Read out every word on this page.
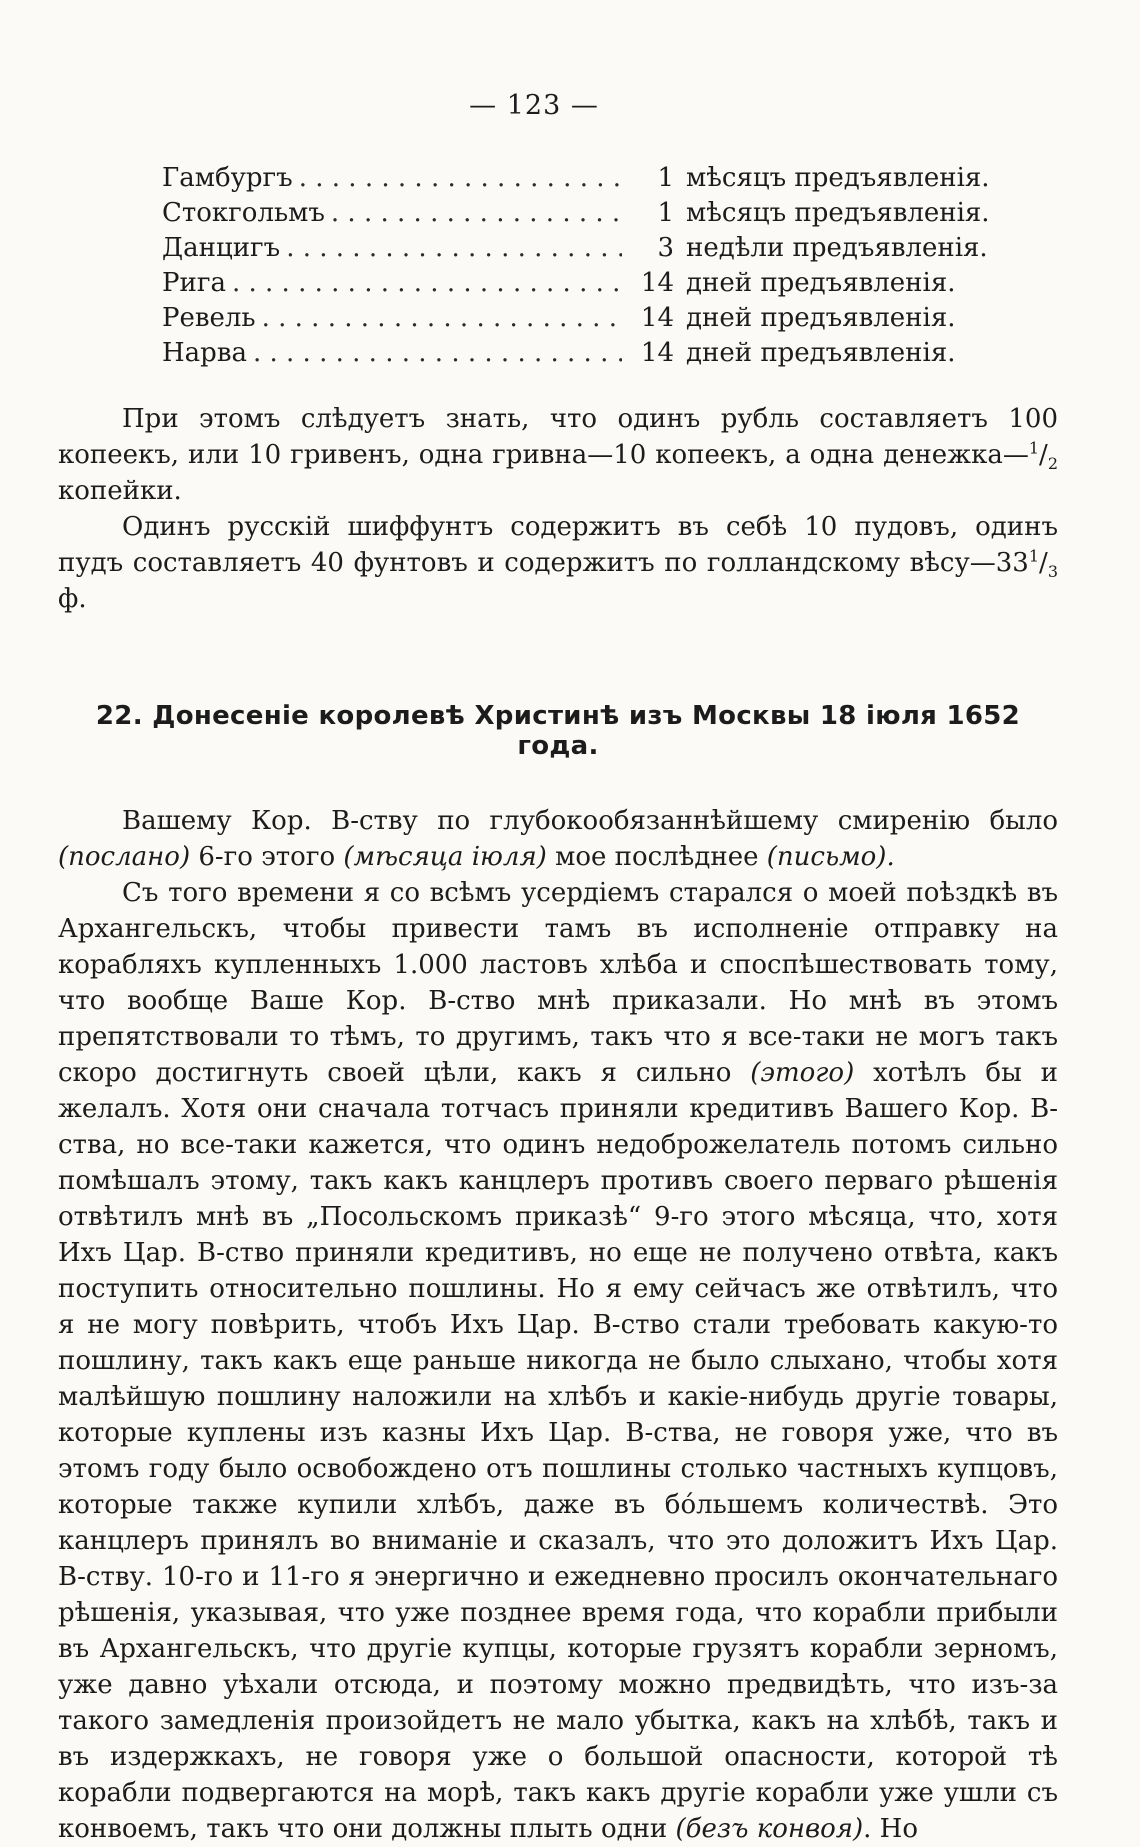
— 123 —
Гамбургъ . . .	1 мѣсяцъ предъявленія.
Стокгольмъ . . .	1 мѣсяцъ предъявленія.
Данцигъ . . .	3 недѣли предъявленія.
Рига . . .	14 дней предъявленія.
Ревель . . .	14 дней предъявленія.
Нарва . . .	14 дней предъявленія.

При этомъ слѣдуетъ знать, что одинъ рубль составляетъ 100 копеекъ, или 10 гривенъ, одна гривна—10 копеекъ, а одна $денежка—^1/_2$ копейки.

Одинъ русскій шиффунтъ содержитъ въ себѣ 10 пудовъ, одинъ пудъ составляетъ 40 фунтовъ и содержитъ по голландскому $вѣсу—33^1/_3$ ф.

22. Донесеніе королевѣ Христинѣ изъ Москвы 18 іюля 1652 года.

Вашему Кор. В-ству по глубокообязаннѣйшему смиренію было (послано) 6-го этого (мѣсяца іюля) мое послѣднее (письмо).

Съ того времени я со всѣмъ усердіемъ старался о моей поѣздкѣ въ Архангельскъ, чтобы привести тамъ въ исполненіе отправку на корабляхъ купленныхъ 1.000 ластовъ хлѣба и споспѣшествовать тому, что вообще Ваше Кор. В-ство мнѣ приказали. Но мнѣ въ этомъ препятствовали то тѣмъ, то другимъ, такъ что я все-таки не могъ такъ скоро достигнуть своей цѣли, какъ я сильно (этого) хотѣлъ бы и желалъ. Хотя они сначала тотчасъ приняли кредитивъ Вашего Кор. В-ства, но все-таки кажется, что одинъ недоброжелатель потомъ сильно помѣшалъ этому, такъ какъ канцлеръ противъ своего перваго рѣшенія отвѣтилъ мнѣ въ „Посольскомъ приказѣ“ 9-го этого мѣсяца, что, хотя Ихъ Цар. В-ство приняли кредитивъ, но еще не получено отвѣта, какъ поступить относительно пошлины. Но я ему сейчасъ же отвѣтилъ, что я не могу повѣрить, чтобъ Ихъ Цар. В-ство стали требовать какую-то пошлину, такъ какъ еще раньше никогда не было слыхано, чтобы хотя малѣйшую пошлину наложили на хлѣбъ и какіе-нибудь другіе товары, которые куплены изъ казны Ихъ Цар. В-ства, не говоря уже, что въ этомъ году было освобождено отъ пошлины столько частныхъ купцовъ, которые также купили хлѣбъ, даже въ бо́льшемъ количествѣ. Это канцлеръ принялъ во вниманіе и сказалъ, что это доложитъ Ихъ Цар. В-ству. 10-го и 11-го я энергично и ежедневно просилъ окончательнаго рѣшенія, указывая, что уже позднее время года, что корабли прибыли въ Архангельскъ, что другіе купцы, которые грузятъ корабли зерномъ, уже давно уѣхали отсюда, и поэтому можно предвидѣть, что изъ-за такого замедленія произойдетъ не мало убытка, какъ на хлѣбѣ, такъ и въ издержкахъ, не говоря уже о большой опасности, которой тѣ корабли подвергаются на морѣ, такъ какъ другіе корабли уже ушли съ конвоемъ, такъ что они должны плыть одни (безъ конвоя). Но
